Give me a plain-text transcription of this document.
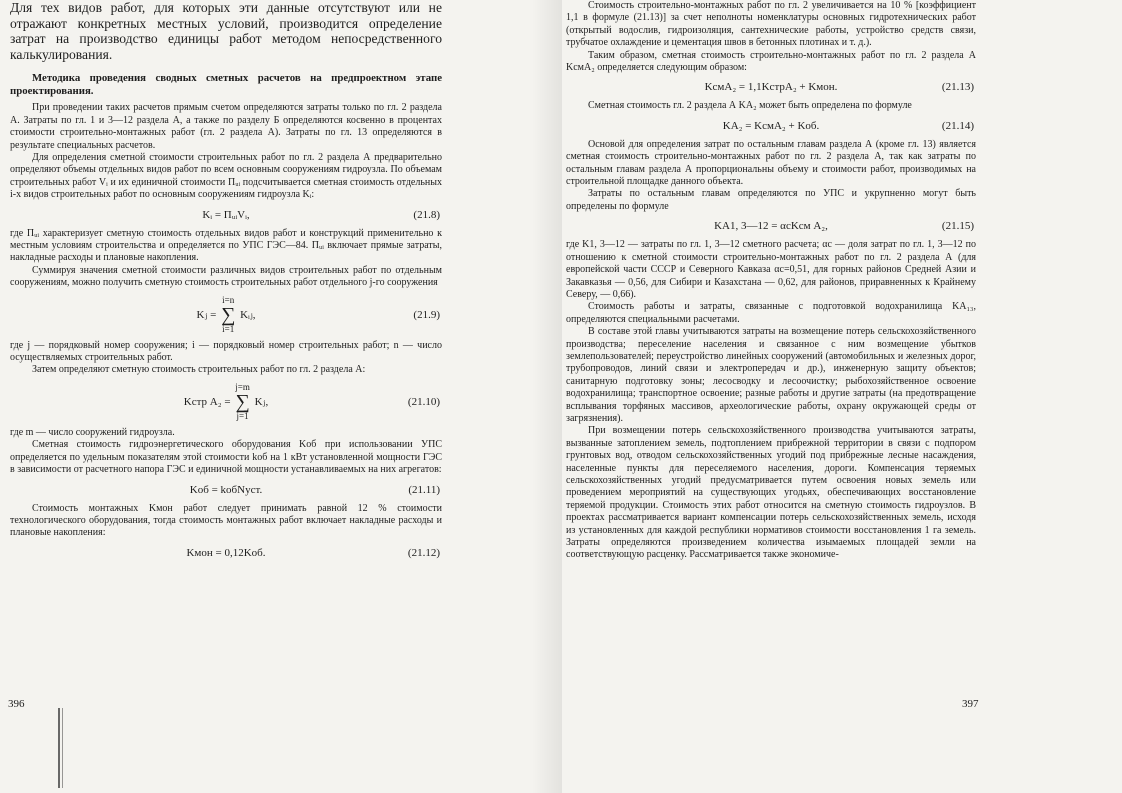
Для тех видов работ, для которых эти данные отсутствуют или не отражают конкретных местных условий, производится определение затрат на производство единицы работ методом непосредственного калькулирования.

Методика проведения сводных сметных расчетов на предпроектном этапе проектирования.

При проведении таких расчетов прямым счетом определяются затраты только по гл. 2 раздела А. Затраты по гл. 1 и 3—12 раздела А, а также по разделу Б определяются косвенно в процентах стоимости строительно-монтажных работ (гл. 2 раздела А). Затраты по гл. 13 определяются в результате специальных расчетов.

Для определения сметной стоимости строительных работ по гл. 2 раздела А предварительно определяют объемы отдельных видов работ по всем основным сооружениям гидроузла. По объемам строительных работ Vᵢ и их единичной стоимости Пᵤᵢ подсчитывается сметная стоимость отдельных i-х видов строительных работ по основным сооружениям гидроузла Kᵢ:

Kᵢ = ПᵤᵢVᵢ,	(21.8)

где Пᵤᵢ характеризует сметную стоимость отдельных видов работ и конструкций применительно к местным условиям строительства и определяется по УПС ГЭС—84. Пᵤᵢ включает прямые затраты, накладные расходы и плановые накопления.

Суммируя значения сметной стоимости различных видов строительных работ по отдельным сооружениям, можно получить сметную стоимость строительных работ отдельного j-го сооружения

Kⱼ = i=n
∑
i=1 Kᵢⱼ,	(21.9)

где j — порядковый номер сооружения; i — порядковый номер строительных работ; n — число осуществляемых строительных работ.

Затем определяют сметную стоимость строительных работ по гл. 2 раздела А:

Kстр A₂ = j=m
∑
j=1 Kⱼ,	(21.10)

где m — число сооружений гидроузла.

Сметная стоимость гидроэнергетического оборудования Kоб при использовании УПС определяется по удельным показателям этой стоимости kоб на 1 кВт установленной мощности ГЭС в зависимости от расчетного напора ГЭС и единичной мощности устанавливаемых на них агрегатов:

Kоб = kобNуст.	(21.11)

Стоимость монтажных Kмон работ следует принимать равной 12 % стоимости технологического оборудования, тогда стоимость монтажных работ включает накладные расходы и плановые накопления:

Kмон = 0,12Kоб.	(21.12)
396

Стоимость строительно-монтажных работ по гл. 2 увеличивается на 10 % [коэффициент 1,1 в формуле (21.13)] за счет неполноты номенклатуры основных гидротехнических работ (открытый водослив, гидроизоляция, сантехнические работы, устройство средств связи, трубчатое охлаждение и цементация швов в бетонных плотинах и т. д.).

Таким образом, сметная стоимость строительно-монтажных работ по гл. 2 раздела А KсмA₂ определяется следующим образом:

KсмA₂ = 1,1KстрA₂ + Kмон.	(21.13)

Сметная стоимость гл. 2 раздела А KA₂ может быть определена по формуле

KA₂ = KсмA₂ + Kоб.	(21.14)

Основой для определения затрат по остальным главам раздела А (кроме гл. 13) является сметная стоимость строительно-монтажных работ по гл. 2 раздела А, так как затраты по остальным главам раздела А пропорциональны объему и стоимости работ, производимых на строительной площадке данного объекта.

Затраты по остальным главам определяются по УПС и укрупненно могут быть определены по формуле

KA1, 3—12 = αсKсм A₂,	(21.15)

где K1, 3—12 — затраты по гл. 1, 3—12 сметного расчета; αс — доля затрат по гл. 1, 3—12 по отношению к сметной стоимости строительно-монтажных работ по гл. 2 раздела А (для европейской части СССР и Северного Кавказа αс=0,51, для горных районов Средней Азии и Закавказья — 0,56, для Сибири и Казахстана — 0,62, для районов, приравненных к Крайнему Северу, — 0,66).

Стоимость работы и затраты, связанные с подготовкой водохранилища KA₁₃, определяются специальными расчетами.

В составе этой главы учитываются затраты на возмещение потерь сельскохозяйственного производства; переселение населения и связанное с ним возмещение убытков землепользователей; переустройство линейных сооружений (автомобильных и железных дорог, трубопроводов, линий связи и электропередач и др.), инженерную защиту объектов; санитарную подготовку зоны; лесосводку и лесоочистку; рыбохозяйственное освоение водохранилища; транспортное освоение; разные работы и другие затраты (на предотвращение всплывания торфяных массивов, археологические работы, охрану окружающей среды от загрязнения).

При возмещении потерь сельскохозяйственного производства учитываются затраты, вызванные затоплением земель, подтоплением прибрежной территории в связи с подпором грунтовых вод, отводом сельскохозяйственных угодий под прибрежные лесные насаждения, населенные пункты для переселяемого населения, дороги. Компенсация теряемых сельскохозяйственных угодий предусматривается путем освоения новых земель или проведением мероприятий на существующих угодьях, обеспечивающих восстановление теряемой продукции. Стоимость этих работ относится на сметную стоимость гидроузлов. В проектах рассматривается вариант компенсации потерь сельскохозяйственных земель, исходя из установленных для каждой республики нормативов стоимости восстановления 1 га земель. Затраты определяются произведением количества изымаемых площадей земли на соответствующую расценку. Рассматривается также экономиче-

397
